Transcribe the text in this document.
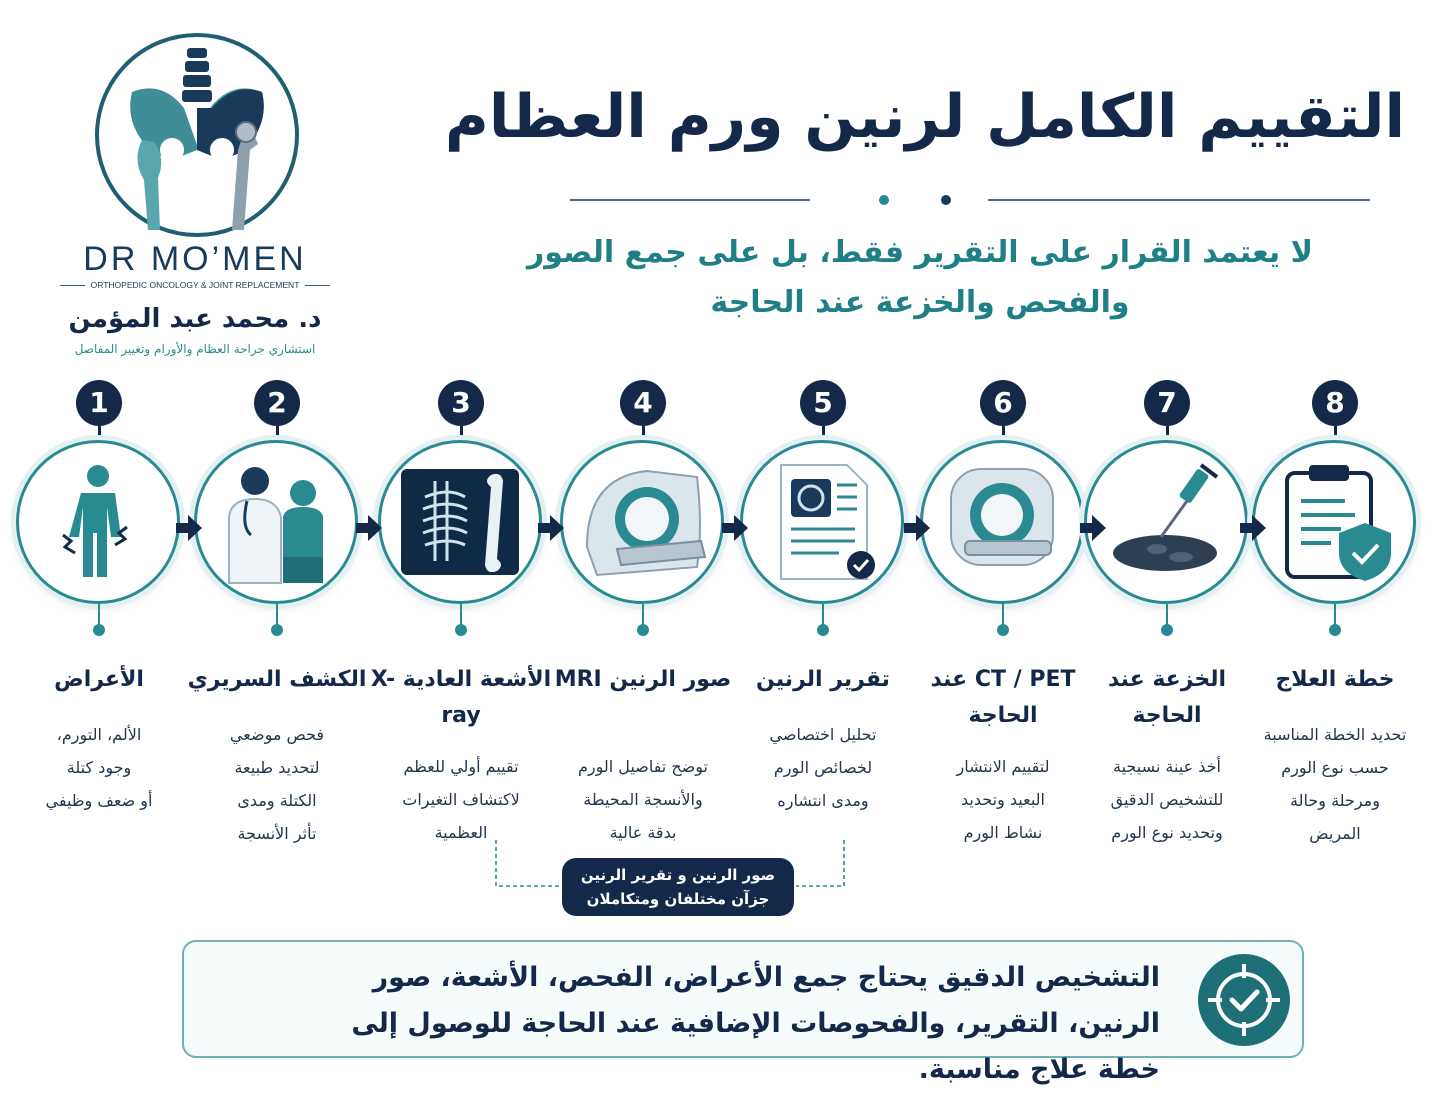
DR MO’MEN
ORTHOPEDIC ONCOLOGY & JOINT REPLACEMENT
د. محمد عبد المؤمن
استشاري جراحة العظام والأورام وتغيير المفاصل
التقييم الكامل لرنين ورم العظام
لا يعتمد القرار على التقرير فقط، بل على جمع الصور والفحص والخزعة عند الحاجة
1
الأعراض
الألم، التورم،
وجود كتلة
أو ضعف وظيفي
2
الكشف السريري
فحص موضعي
لتحديد طبيعة
الكتلة ومدى
تأثر الأنسجة
3
الأشعة العادية X-ray
تقييم أولي للعظم
لاكتشاف التغيرات
العظمية
4
صور الرنين MRI
توضح تفاصيل الورم
والأنسجة المحيطة
بدقة عالية
5
تقرير الرنين
تحليل اختصاصي
لخصائص الورم
ومدى انتشاره
6
CT / PET عند الحاجة
لتقييم الانتشار
البعيد وتحديد
نشاط الورم
7
الخزعة عند الحاجة
أخذ عينة نسيجية
للتشخيص الدقيق
وتحديد نوع الورم
8
خطة العلاج
تحديد الخطة المناسبة
حسب نوع الورم
ومرحلة وحالة
المريض
صور الرنين و تقرير الرنين جزآن مختلفان ومتكاملان
التشخيص الدقيق يحتاج جمع الأعراض، الفحص، الأشعة، صور الرنين، التقرير، والفحوصات الإضافية عند الحاجة للوصول إلى خطة علاج مناسبة.
